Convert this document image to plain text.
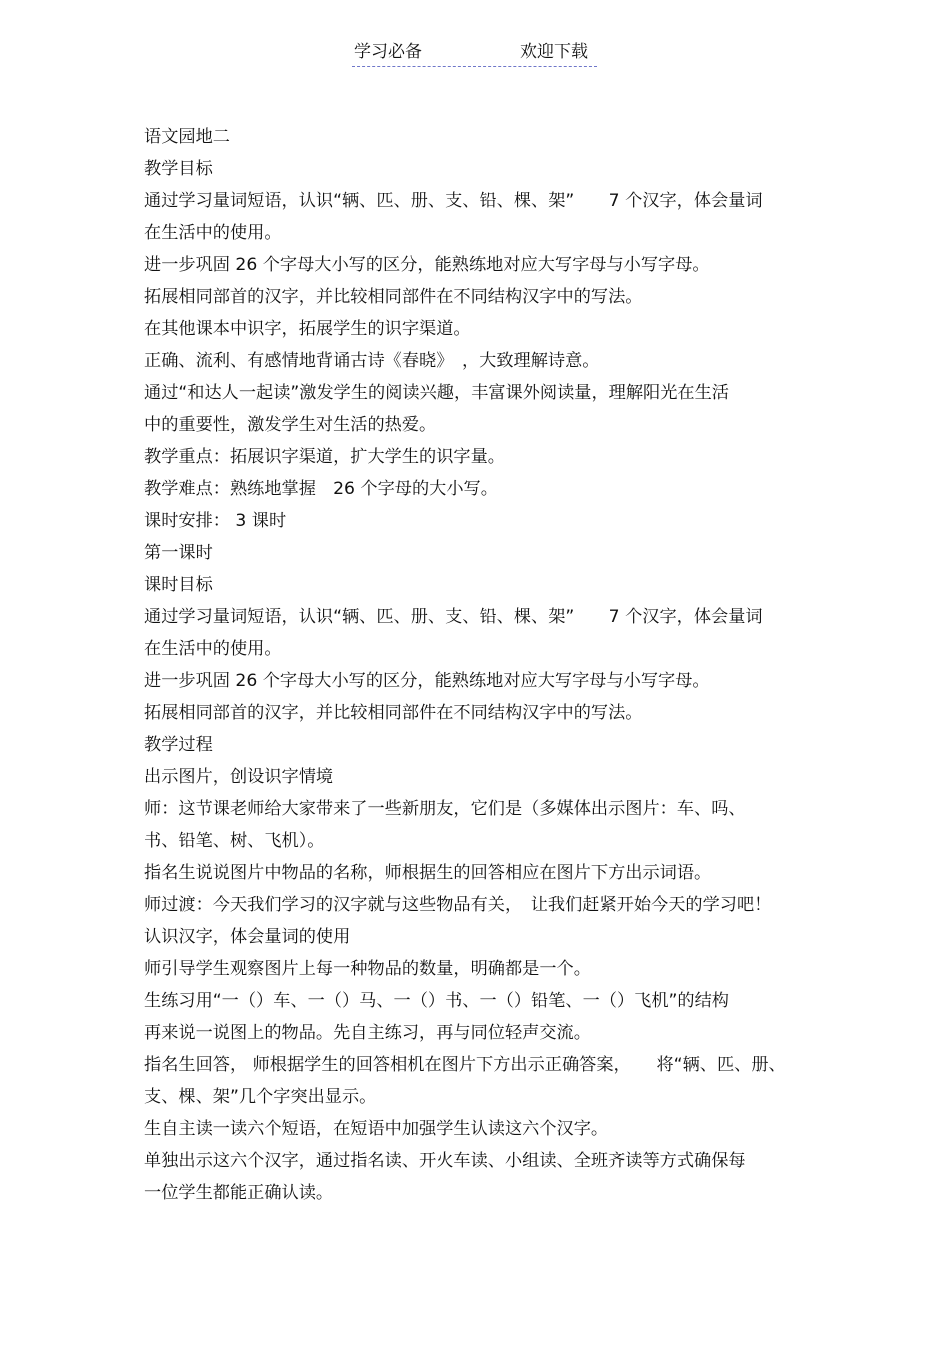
学习必备	欢迎下载
语文园地二
教学目标
通过学习量词短语，认识“辆、匹、册、支、铅、棵、架”　　7 个汉字，体会量词
在生活中的使用。
进一步巩固 26 个字母大小写的区分，能熟练地对应大写字母与小写字母。
拓展相同部首的汉字，并比较相同部件在不同结构汉字中的写法。
在其他课本中识字，拓展学生的识字渠道。
正确、流利、有感情地背诵古诗《春晓》　，大致理解诗意。
通过“和达人一起读”激发学生的阅读兴趣，丰富课外阅读量，理解阳光在生活
中的重要性，激发学生对生活的热爱。
教学重点：拓展识字渠道，扩大学生的识字量。
教学难点：熟练地掌握　26 个字母的大小写。
课时安排： 3 课时
第一课时
课时目标
通过学习量词短语，认识“辆、匹、册、支、铅、棵、架”　　7 个汉字，体会量词
在生活中的使用。
进一步巩固 26 个字母大小写的区分，能熟练地对应大写字母与小写字母。
拓展相同部首的汉字，并比较相同部件在不同结构汉字中的写法。
教学过程
出示图片，创设识字情境
师：这节课老师给大家带来了一些新朋友，它们是（多媒体出示图片：车、吗、
书、铅笔、树、飞机）。
指名生说说图片中物品的名称，师根据生的回答相应在图片下方出示词语。
师过渡：今天我们学习的汉字就与这些物品有关，　让我们赶紧开始今天的学习吧！
认识汉字，体会量词的使用
师引导学生观察图片上每一种物品的数量，明确都是一个。
生练习用“一（）车、一（）马、一（）书、一（）铅笔、一（）飞机”的结构
再来说一说图上的物品。先自主练习，再与同位轻声交流。
指名生回答， 师根据学生的回答相机在图片下方出示正确答案，　　将“辆、匹、册、
支、棵、架”几个字突出显示。
生自主读一读六个短语，在短语中加强学生认读这六个汉字。
单独出示这六个汉字，通过指名读、开火车读、小组读、全班齐读等方式确保每
一位学生都能正确认读。
